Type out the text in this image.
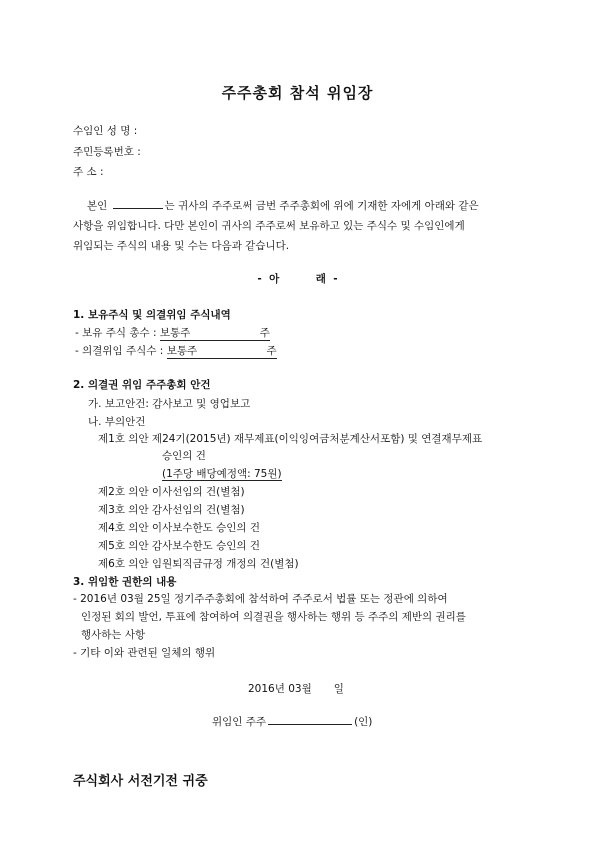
주주총회 참석 위임장
수임인 성 명 :
주민등록번호 :
주 소 :
본인	는 귀사의 주주로써 금번 주주총회에 위에 기재한 자에게 아래와 같은
사항을 위임합니다. 다만 본인이 귀사의 주주로써 보유하고 있는 주식수 및 수임인에게
위임되는 주식의 내용 및 수는 다음과 같습니다.
-  아          래  -
1. 보유주식 및 의결위임 주식내역
- 보유 주식 총수 : 보통주	주
- 의결위임 주식수 : 보통주	주
2. 의결권 위임 주주총회 안건
가. 보고안건: 감사보고 및 영업보고
나. 부의안건
제1호 의안 제24기(2015년) 재무제표(이익잉여금처분계산서포함) 및 연결재무제표
승인의 건
(1주당 배당예정액: 75원)
제2호 의안 이사선임의 건(별첨)
제3호 의안 감사선임의 건(별첨)
제4호 의안 이사보수한도 승인의 건
제5호 의안 감사보수한도 승인의 건
제6호 의안 임원퇴직금규정 개정의 건(별첨)
3. 위임한 권한의 내용
- 2016년 03월 25일 정기주주총회에 참석하여 주주로서 법률 또는 정관에 의하여
인정된 회의 발언, 투표에 참여하여 의결권을 행사하는 행위 등 주주의 제반의 권리를
행사하는 사항
- 기타 이와 관련된 일체의 행위
2016년 03월 일
위임인 주주	(인)
주식회사 서전기전 귀중
